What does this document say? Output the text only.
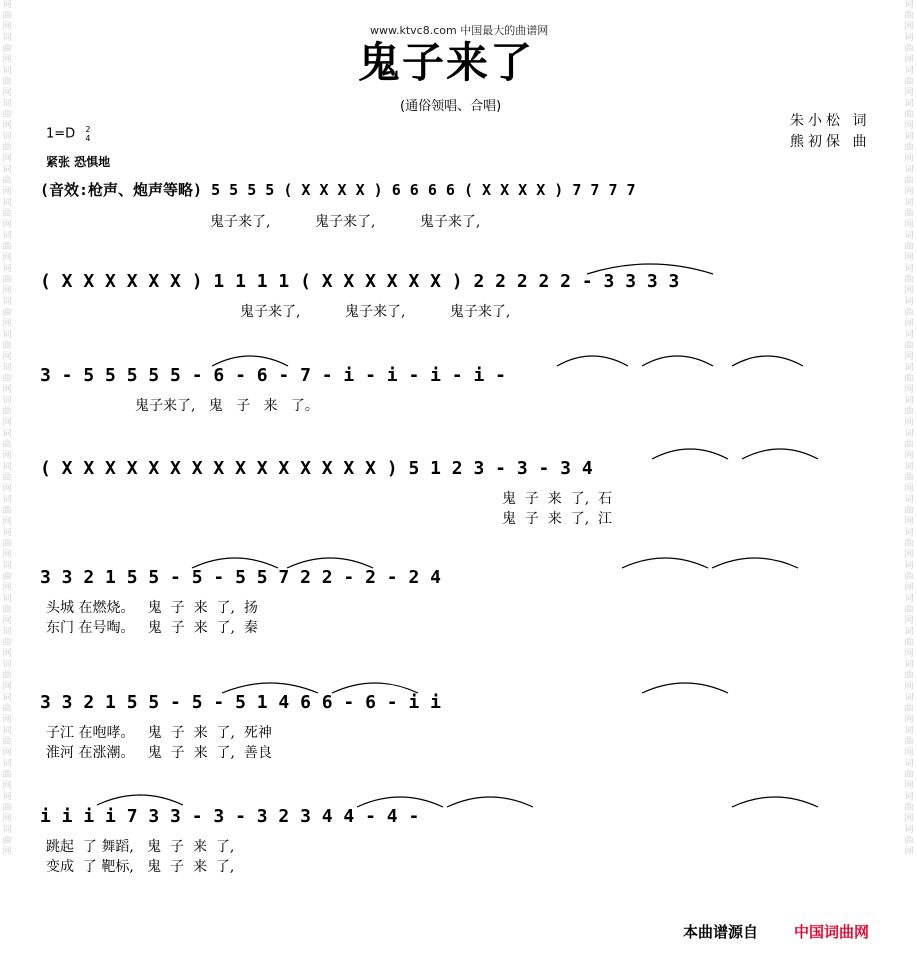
词曲网词曲网词曲网词曲网词曲网词曲网词曲网词曲网词曲网词曲网词曲网词曲网词曲网词曲网词曲网词曲网词曲网词曲网词曲网词曲网词曲网词曲网词曲网词曲网词曲网词曲网
词曲网词曲网词曲网词曲网词曲网词曲网词曲网词曲网词曲网词曲网词曲网词曲网词曲网词曲网词曲网词曲网词曲网词曲网词曲网词曲网词曲网词曲网词曲网词曲网词曲网词曲网
www.ktvc8.com 中国最大的曲谱网
鬼子来了
(通俗领唱、合唱)
朱小松 词
熊初保 曲
1=D 2
4
紧张 恐惧地
(音效:枪声、炮声等略) 5 5 5 5 ( X X X X ) 6 6 6 6 ( X X X X ) 7 7 7 7
鬼子来了,          鬼子来了,          鬼子来了,
( X X X X X X ) 1 1 1 1 ( X X X X X X ) 2 2 2 2 2 - 3 3 3 3
鬼子来了,          鬼子来了,          鬼子来了,
3 - 5 5 5 5 5 - 6 - 6 - 7 - i - i - i - i -
鬼子来了,   鬼   子   来   了。
( X X X X X X X X X X X X X X X ) 5 1 2 3 - 3 - 3 4
鬼  子  来  了,  石
鬼  子  来  了,  江
3 3 2 1 5 5 - 5 - 5 5 7 2 2 - 2 - 2 4
头城 在燃烧。   鬼  子  来  了,  扬
东门 在号啕。   鬼  子  来  了,  秦
3 3 2 1 5 5 - 5 - 5 1 4 6 6 - 6 - i i
子江 在咆哮。   鬼  子  来  了,  死神
淮河 在涨潮。   鬼  子  来  了,  善良
i i i i 7 3 3 - 3 - 3 2 3 4 4 - 4 -
跳起  了 舞蹈,   鬼  子  来  了,
变成  了 靶标,   鬼  子  来  了,
本曲谱源自 中国词曲网
